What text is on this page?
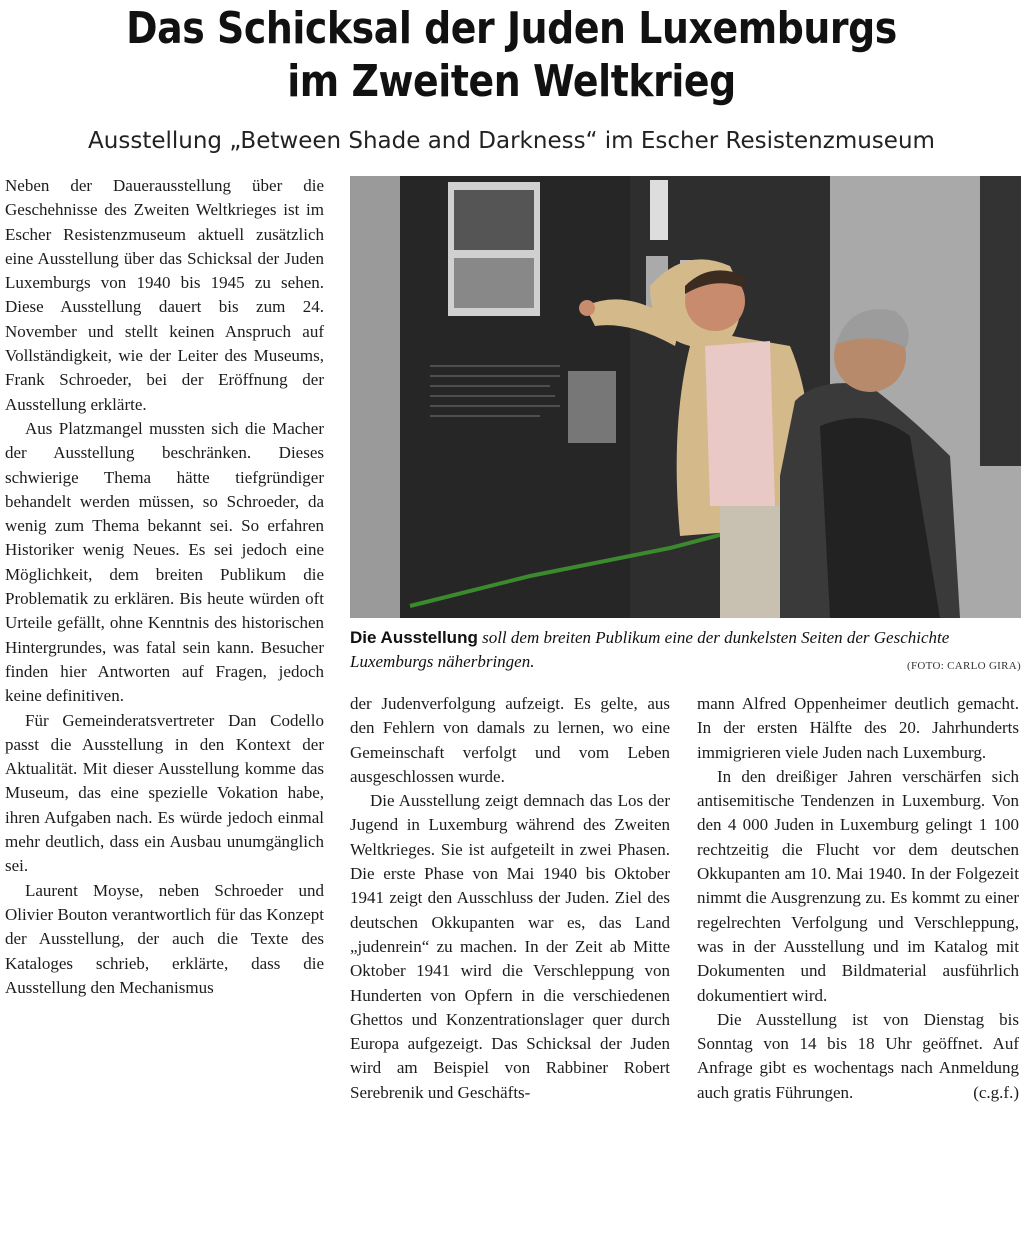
Das Schicksal der Juden Luxemburgs
im Zweiten Weltkrieg
Ausstellung „Between Shade and Darkness“ im Escher Resistenzmuseum

Neben der Dauerausstellung über die Geschehnisse des Zweiten Weltkrieges ist im Escher Resistenzmuseum aktuell zusätzlich eine Ausstellung über das Schicksal der Juden Luxemburgs von 1940 bis 1945 zu sehen. Diese Ausstellung dauert bis zum 24. November und stellt keinen Anspruch auf Vollständigkeit, wie der Leiter des Museums, Frank Schroeder, bei der Eröffnung der Ausstellung erklärte.

Aus Platzmangel mussten sich die Macher der Ausstellung beschränken. Dieses schwierige Thema hätte tiefgründiger behandelt werden müssen, so Schroeder, da wenig zum Thema bekannt sei. So erfahren Historiker wenig Neues. Es sei jedoch eine Möglichkeit, dem breiten Publikum die Problematik zu erklären. Bis heute würden oft Urteile gefällt, ohne Kenntnis des historischen Hintergrundes, was fatal sein kann. Besucher finden hier Antworten auf Fragen, jedoch keine definitiven.

Für Gemeinderatsvertreter Dan Codello passt die Ausstellung in den Kontext der Aktualität. Mit dieser Ausstellung komme das Museum, das eine spezielle Vokation habe, ihren Aufgaben nach. Es würde jedoch einmal mehr deutlich, dass ein Ausbau unumgänglich sei.

Laurent Moyse, neben Schroeder und Olivier Bouton verantwortlich für das Konzept der Ausstellung, der auch die Texte des Kataloges schrieb, erklärte, dass die Ausstellung den Mechanismus

Die Ausstellung soll dem breiten Publikum eine der dunkelsten Seiten der Geschichte Luxemburgs näherbringen.	(FOTO: CARLO GIRA)

der Judenverfolgung aufzeigt. Es gelte, aus den Fehlern von damals zu lernen, wo eine Gemeinschaft verfolgt und vom Leben ausgeschlossen wurde.

Die Ausstellung zeigt demnach das Los der Jugend in Luxemburg während des Zweiten Weltkrieges. Sie ist aufgeteilt in zwei Phasen. Die erste Phase von Mai 1940 bis Oktober 1941 zeigt den Ausschluss der Juden. Ziel des deutschen Okkupanten war es, das Land „judenrein“ zu machen. In der Zeit ab Mitte Oktober 1941 wird die Verschleppung von Hunderten von Opfern in die verschiedenen Ghettos und Konzentrationslager quer durch Europa aufgezeigt. Das Schicksal der Juden wird am Beispiel von Rabbiner Robert Serebrenik und Geschäfts-

mann Alfred Oppenheimer deutlich gemacht. In der ersten Hälfte des 20. Jahrhunderts immigrieren viele Juden nach Luxemburg.

In den dreißiger Jahren verschärfen sich antisemitische Tendenzen in Luxemburg. Von den 4 000 Juden in Luxemburg gelingt 1 100 rechtzeitig die Flucht vor dem deutschen Okkupanten am 10. Mai 1940. In der Folgezeit nimmt die Ausgrenzung zu. Es kommt zu einer regelrechten Verfolgung und Verschleppung, was in der Ausstellung und im Katalog mit Dokumenten und Bildmaterial ausführlich dokumentiert wird.

Die Ausstellung ist von Dienstag bis Sonntag von 14 bis 18 Uhr geöffnet. Auf Anfrage gibt es wochentags nach Anmeldung auch gratis Führungen.	(c.g.f.)
